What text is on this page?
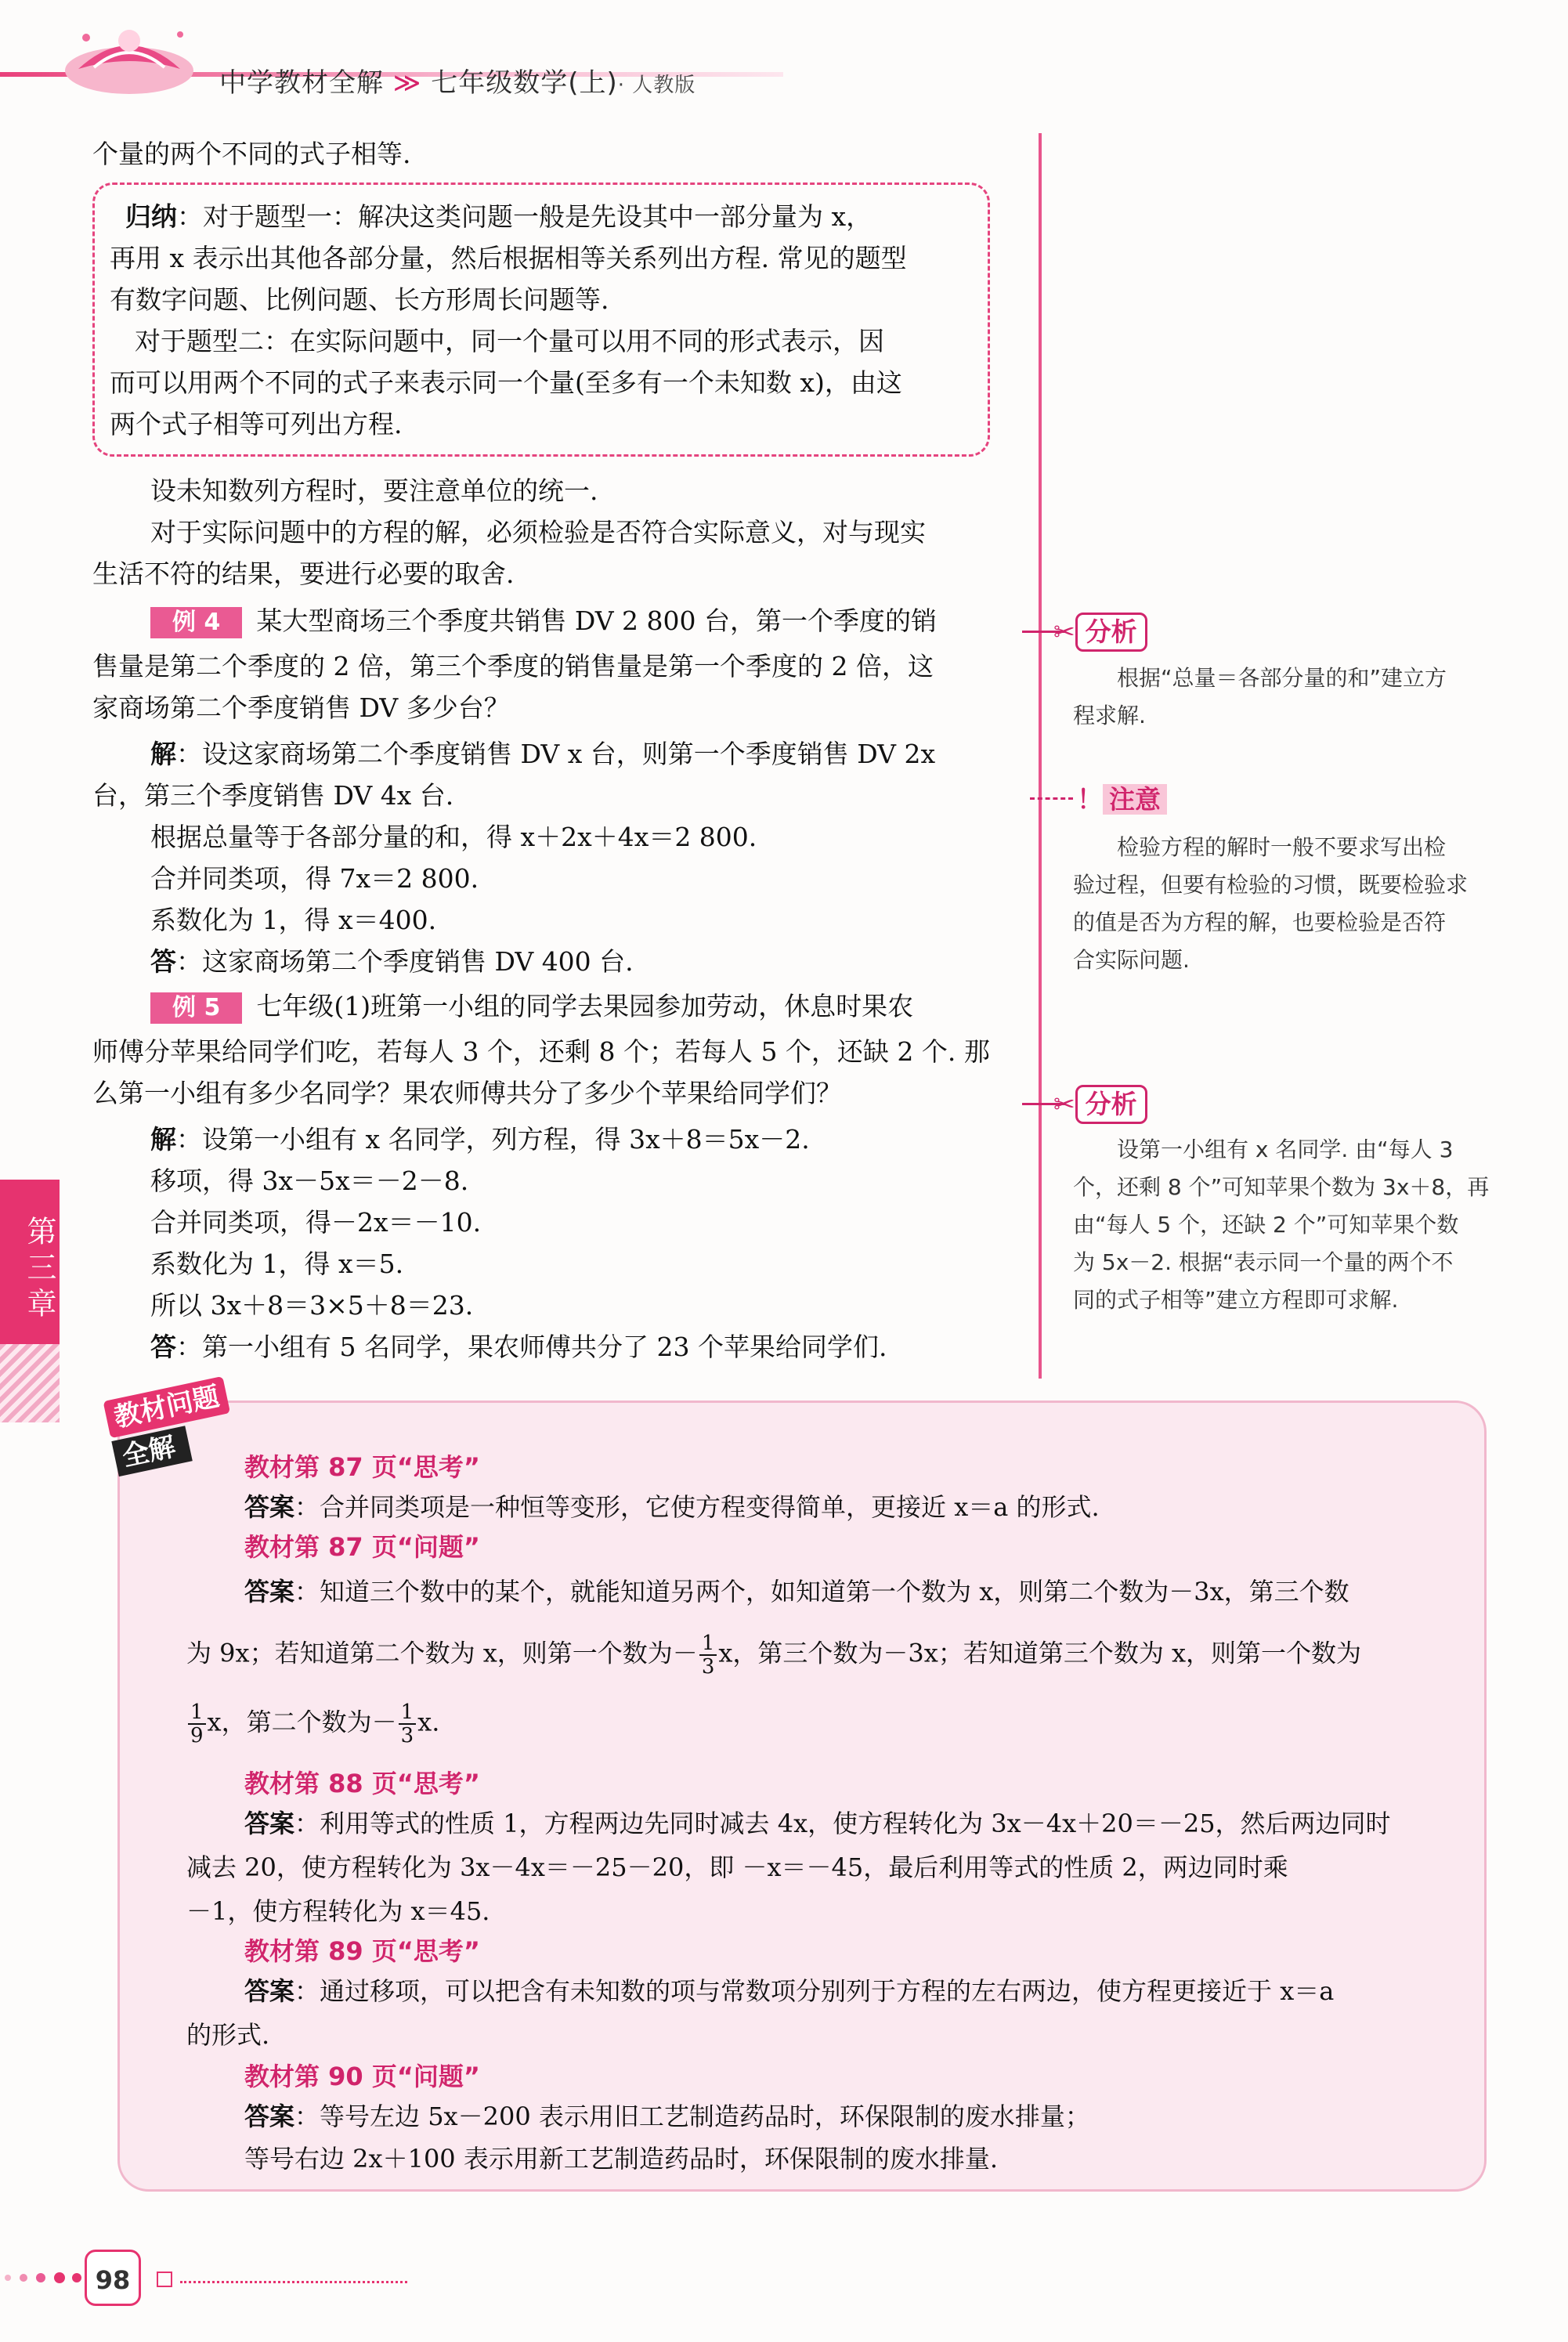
中学教材全解 ≫ 七年级数学(上)· 人教版
个量的两个不同的式子相等.
归纳：对于题型一：解决这类问题一般是先设其中一部分量为 x，
再用 x 表示出其他各部分量，然后根据相等关系列出方程. 常见的题型
有数字问题、比例问题、长方形周长问题等.
对于题型二：在实际问题中，同一个量可以用不同的形式表示，因
而可以用两个不同的式子来表示同一个量(至多有一个未知数 x)，由这
两个式子相等可列出方程.
设未知数列方程时，要注意单位的统一.
对于实际问题中的方程的解，必须检验是否符合实际意义，对与现实
生活不符的结果，要进行必要的取舍.
例 4 某大型商场三个季度共销售 DV 2 800 台，第一个季度的销
售量是第二个季度的 2 倍，第三个季度的销售量是第一个季度的 2 倍，这
家商场第二个季度销售 DV 多少台？
解：设这家商场第二个季度销售 DV x 台，则第一个季度销售 DV 2x
台，第三个季度销售 DV 4x 台.
根据总量等于各部分量的和，得 x＋2x＋4x＝2 800.
合并同类项，得 7x＝2 800.
系数化为 1，得 x＝400.
答：这家商场第二个季度销售 DV 400 台.
例 5 七年级(1)班第一小组的同学去果园参加劳动，休息时果农
师傅分苹果给同学们吃，若每人 3 个，还剩 8 个；若每人 5 个，还缺 2 个. 那
么第一小组有多少名同学？果农师傅共分了多少个苹果给同学们？
解：设第一小组有 x 名同学，列方程，得 3x＋8＝5x－2.
移项，得 3x－5x＝－2－8.
合并同类项，得－2x＝－10.
系数化为 1，得 x＝5.
所以 3x＋8＝3×5＋8＝23.
答：第一小组有 5 名同学，果农师傅共分了 23 个苹果给同学们.
✂ 分析
根据“总量＝各部分量的和”建立方
程求解.
！ 注意
检验方程的解时一般不要求写出检
验过程，但要有检验的习惯，既要检验求
的值是否为方程的解，也要检验是否符
合实际问题.
✂ 分析
设第一小组有 x 名同学. 由“每人 3
个，还剩 8 个”可知苹果个数为 3x＋8，再
由“每人 5 个，还缺 2 个”可知苹果个数
为 5x－2. 根据“表示同一个量的两个不
同的式子相等”建立方程即可求解.
第三章
教材问题
全解	教材第 87 页“思考”
答案：合并同类项是一种恒等变形，它使方程变得简单，更接近 x＝a 的形式.
教材第 87 页“问题”
答案：知道三个数中的某个，就能知道另两个，如知道第一个数为 x，则第二个数为－3x，第三个数
为 9x；若知道第二个数为 x，则第一个数为－ $\frac{1}{3}$ x，第三个数为－3x；若知道第三个数为 x，则第一个数为
$\frac{1}{9}$ x，第二个数为－ $\frac{1}{3} x$.
教材第 88 页“思考”
答案：利用等式的性质 1，方程两边先同时减去 4x，使方程转化为 3x－4x＋20＝－25，然后两边同时
减去 20，使方程转化为 3x－4x＝－25－20，即 －x＝－45，最后利用等式的性质 2，两边同时乘
－1，使方程转化为 x＝45.
教材第 89 页“思考”
答案：通过移项，可以把含有未知数的项与常数项分别列于方程的左右两边，使方程更接近于 x＝a
的形式.
教材第 90 页“问题”
答案：等号左边 5x－200 表示用旧工艺制造药品时，环保限制的废水排量；
等号右边 2x＋100 表示用新工艺制造药品时，环保限制的废水排量.
98
